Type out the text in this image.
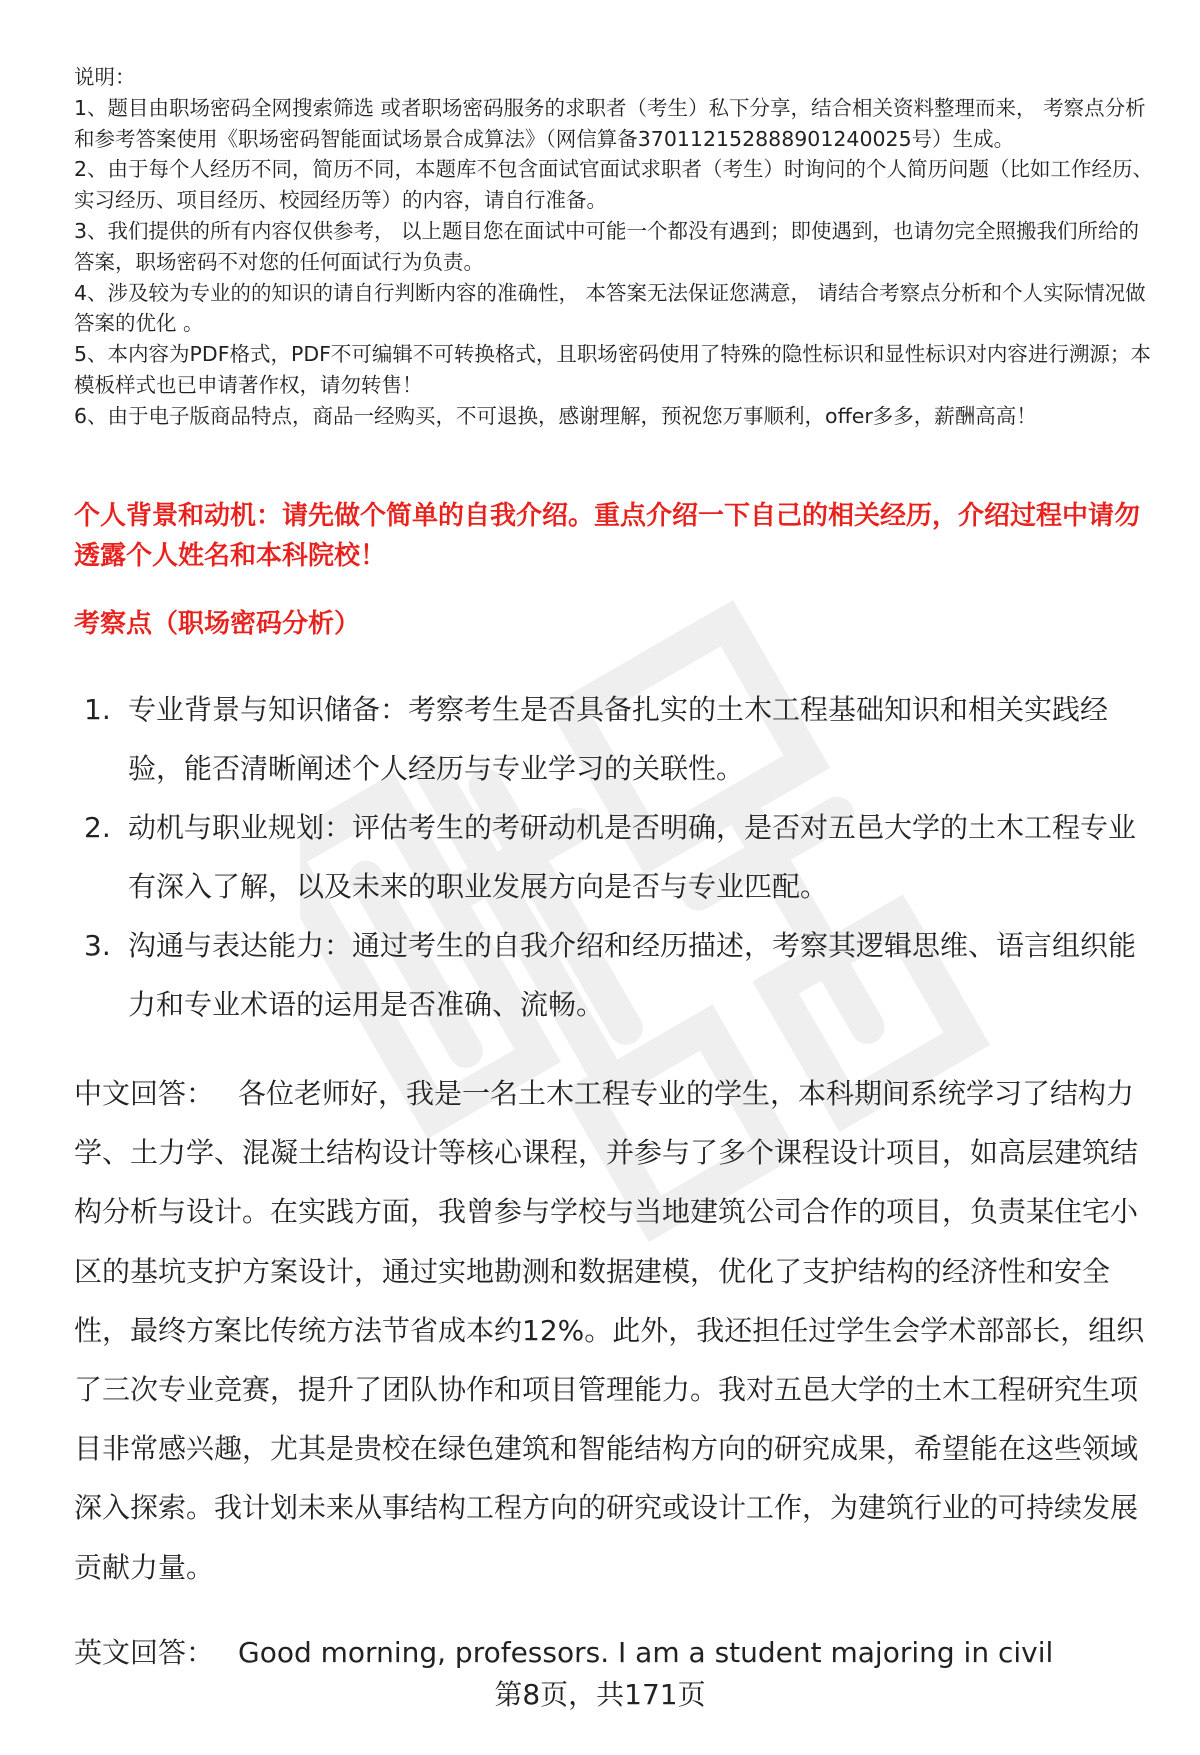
说明：

1、题目由职场密码全网搜索筛选 或者职场密码服务的求职者（考生）私下分享，结合相关资料整理而来， 考察点分析和参考答案使用《职场密码智能面试场景合成算法》（网信算备370112152888901240025号）生成。

2、由于每个人经历不同，简历不同，本题库不包含面试官面试求职者（考生）时询问的个人简历问题（比如工作经历、实习经历、项目经历、校园经历等）的内容，请自行准备。

3、我们提供的所有内容仅供参考， 以上题目您在面试中可能一个都没有遇到；即使遇到，也请勿完全照搬我们所给的答案，职场密码不对您的任何面试行为负责。

4、涉及较为专业的的知识的请自行判断内容的准确性， 本答案无法保证您满意， 请结合考察点分析和个人实际情况做答案的优化 。

5、本内容为PDF格式，PDF不可编辑不可转换格式，且职场密码使用了特殊的隐性标识和显性标识对内容进行溯源；本模板样式也已申请著作权，请勿转售！

6、由于电子版商品特点，商品一经购买，不可退换，感谢理解，预祝您万事顺利，offer多多，薪酬高高！

个人背景和动机：请先做个简单的自我介绍。重点介绍一下自己的相关经历，介绍过程中请勿透露个人姓名和本科院校！
考察点（职场密码分析）
1. 专业背景与知识储备：考察考生是否具备扎实的土木工程基础知识和相关实践经验，能否清晰阐述个人经历与专业学习的关联性。
2. 动机与职业规划：评估考生的考研动机是否明确，是否对五邑大学的土木工程专业有深入了解，以及未来的职业发展方向是否与专业匹配。
3. 沟通与表达能力：通过考生的自我介绍和经历描述，考察其逻辑思维、语言组织能力和专业术语的运用是否准确、流畅。
中文回答： 各位老师好，我是一名土木工程专业的学生，本科期间系统学习了结构力学、土力学、混凝土结构设计等核心课程，并参与了多个课程设计项目，如高层建筑结构分析与设计。在实践方面，我曾参与学校与当地建筑公司合作的项目，负责某住宅小区的基坑支护方案设计，通过实地勘测和数据建模，优化了支护结构的经济性和安全性，最终方案比传统方法节省成本约12%。此外，我还担任过学生会学术部部长，组织了三次专业竞赛，提升了团队协作和项目管理能力。我对五邑大学的土木工程研究生项目非常感兴趣，尤其是贵校在绿色建筑和智能结构方向的研究成果，希望能在这些领域深入探索。我计划未来从事结构工程方向的研究或设计工作，为建筑行业的可持续发展贡献力量。
英文回答： Good morning, professors. I am a student majoring in civil
第8页，共171页
